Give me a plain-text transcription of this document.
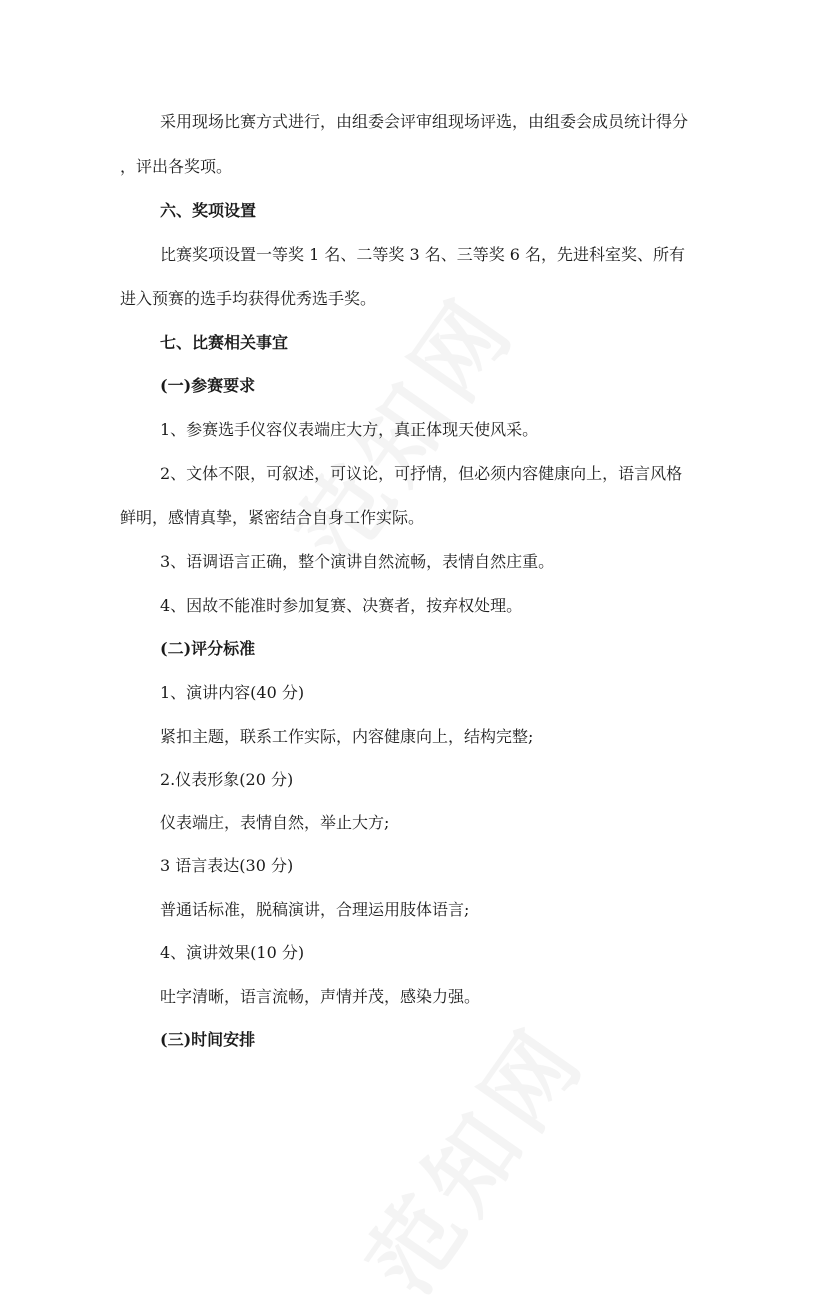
采用现场比赛方式进行，由组委会评审组现场评选，由组委会成员统计得分
，评出各奖项。
六、奖项设置
比赛奖项设置一等奖 1 名、二等奖 3 名、三等奖 6 名，先进科室奖、所有
进入预赛的选手均获得优秀选手奖。
七、比赛相关事宜
(一)参赛要求
1、参赛选手仪容仪表端庄大方，真正体现天使风采。
2、文体不限，可叙述，可议论，可抒情，但必须内容健康向上，语言风格
鲜明，感情真挚，紧密结合自身工作实际。
3、语调语言正确，整个演讲自然流畅，表情自然庄重。
4、因故不能准时参加复赛、决赛者，按弃权处理。
(二)评分标准
1、演讲内容(40 分)
紧扣主题，联系工作实际，内容健康向上，结构完整;
2.仪表形象(20 分)
仪表端庄，表情自然，举止大方;
3 语言表达(30 分)
普通话标准，脱稿演讲，合理运用肢体语言;
4、演讲效果(10 分)
吐字清晰，语言流畅，声情并茂，感染力强。
(三)时间安排
